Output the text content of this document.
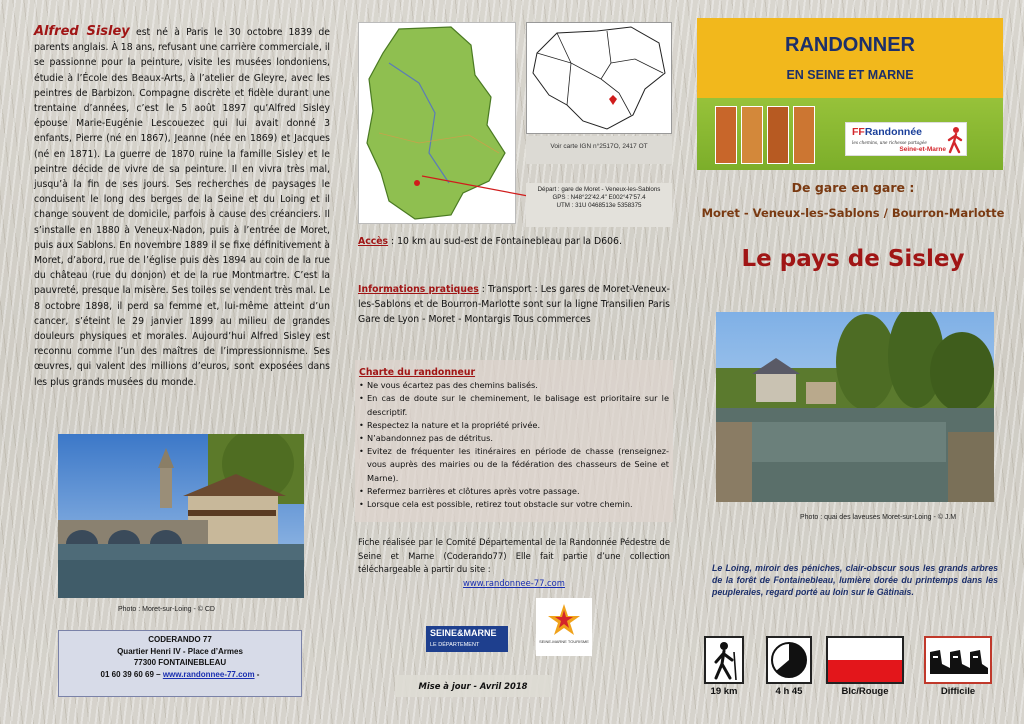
Alfred Sisley est né à Paris le 30 octobre 1839 de parents anglais. À 18 ans, refusant une carrière commerciale, il se passionne pour la peinture, visite les musées londoniens, étudie à l’École des Beaux-Arts, à l’atelier de Gleyre, avec les peintres de Barbizon. Compagne discrète et fidèle durant une trentaine d’années, c’est le 5 août 1897 qu’Alfred Sisley épouse Marie-Eugénie Lescouezec qui lui avait donné 3 enfants, Pierre (né en 1867), Jeanne (née en 1869) et Jacques (né en 1871). La guerre de 1870 ruine la famille Sisley et le peintre décide de vivre de sa peinture. Il en vivra très mal, jusqu’à la fin de ses jours. Ses recherches de paysages le conduisent le long des berges de la Seine et du Loing et il change souvent de domicile, parfois à cause des créanciers. Il s’installe en 1880 à Veneux-Nadon, puis à l’entrée de Moret, puis aux Sablons. En novembre 1889 il se fixe définitivement à Moret, d’abord, rue de l’église puis dès 1894 au coin de la rue du château (rue du donjon) et de la rue Montmartre. C’est la pauvreté, presque la misère. Ses toiles se vendent très mal. Le 8 octobre 1898, il perd sa femme et, lui-même atteint d’un cancer, s’éteint le 29 janvier 1899 au milieu de grandes douleurs physiques et morales. Aujourd’hui Alfred Sisley est reconnu comme l’un des maîtres de l’impressionnisme. Ses œuvres, qui valent des millions d’euros, sont exposées dans les plus grands musées du monde.
Photo : Moret-sur-Loing - © CD
CODERANDO 77
Quartier Henri IV - Place d’Armes
77300 FONTAINEBLEAU
01 60 39 60 69 – www.randonnee-77.com -
Voir carte IGN n°2517O, 2417 OT
Départ : gare de Moret - Veneux-les-Sablons
GPS : N48°22'42.4" E002°47'57.4
UTM : 31U 0468513e 5358375
Accès : 10 km au sud-est de Fontainebleau par la D606.
Informations pratiques : Transport : Les gares de Moret-Veneux-les-Sablons et de Bourron-Marlotte sont sur la ligne Transilien Paris Gare de Lyon - Moret - Montargis Tous commerces
Charte du randonneur
• Ne vous écartez pas des chemins balisés.
• En cas de doute sur le cheminement, le balisage est prioritaire sur le descriptif.
• Respectez la nature et la propriété privée.
• N’abandonnez pas de détritus.
• Evitez de fréquenter les itinéraires en période de chasse (renseignez-vous auprès des mairies ou de la fédération des chasseurs de Seine et Marne).
• Refermez barrières et clôtures après votre passage.
• Lorsque cela est possible, retirez tout obstacle sur votre chemin.
Fiche réalisée par le Comité Départemental de la Randonnée Pédestre de Seine et Marne (Coderando77) Elle fait partie d’une collection téléchargeable à partir du site :
www.randonnee-77.com
SEINE&MARNE
LE DÉPARTEMENT
SEINE-MARNE TOURISME
Mise à jour - Avril 2018
RANDONNER
EN SEINE ET MARNE
FFRandonnée
les chemins, une richesse partagée
Seine-et-Marne
De gare en gare :
Moret - Veneux-les-Sablons / Bourron-Marlotte
Le pays de Sisley
Photo : quai des laveuses Moret-sur-Loing - © J.M
Le Loing, miroir des péniches, clair-obscur sous les grands arbres de la forêt de Fontainebleau, lumière dorée du printemps dans les peupleraies, regard porté au loin sur le Gâtinais.
19 km	4 h 45	Blc/Rouge	Difficile
